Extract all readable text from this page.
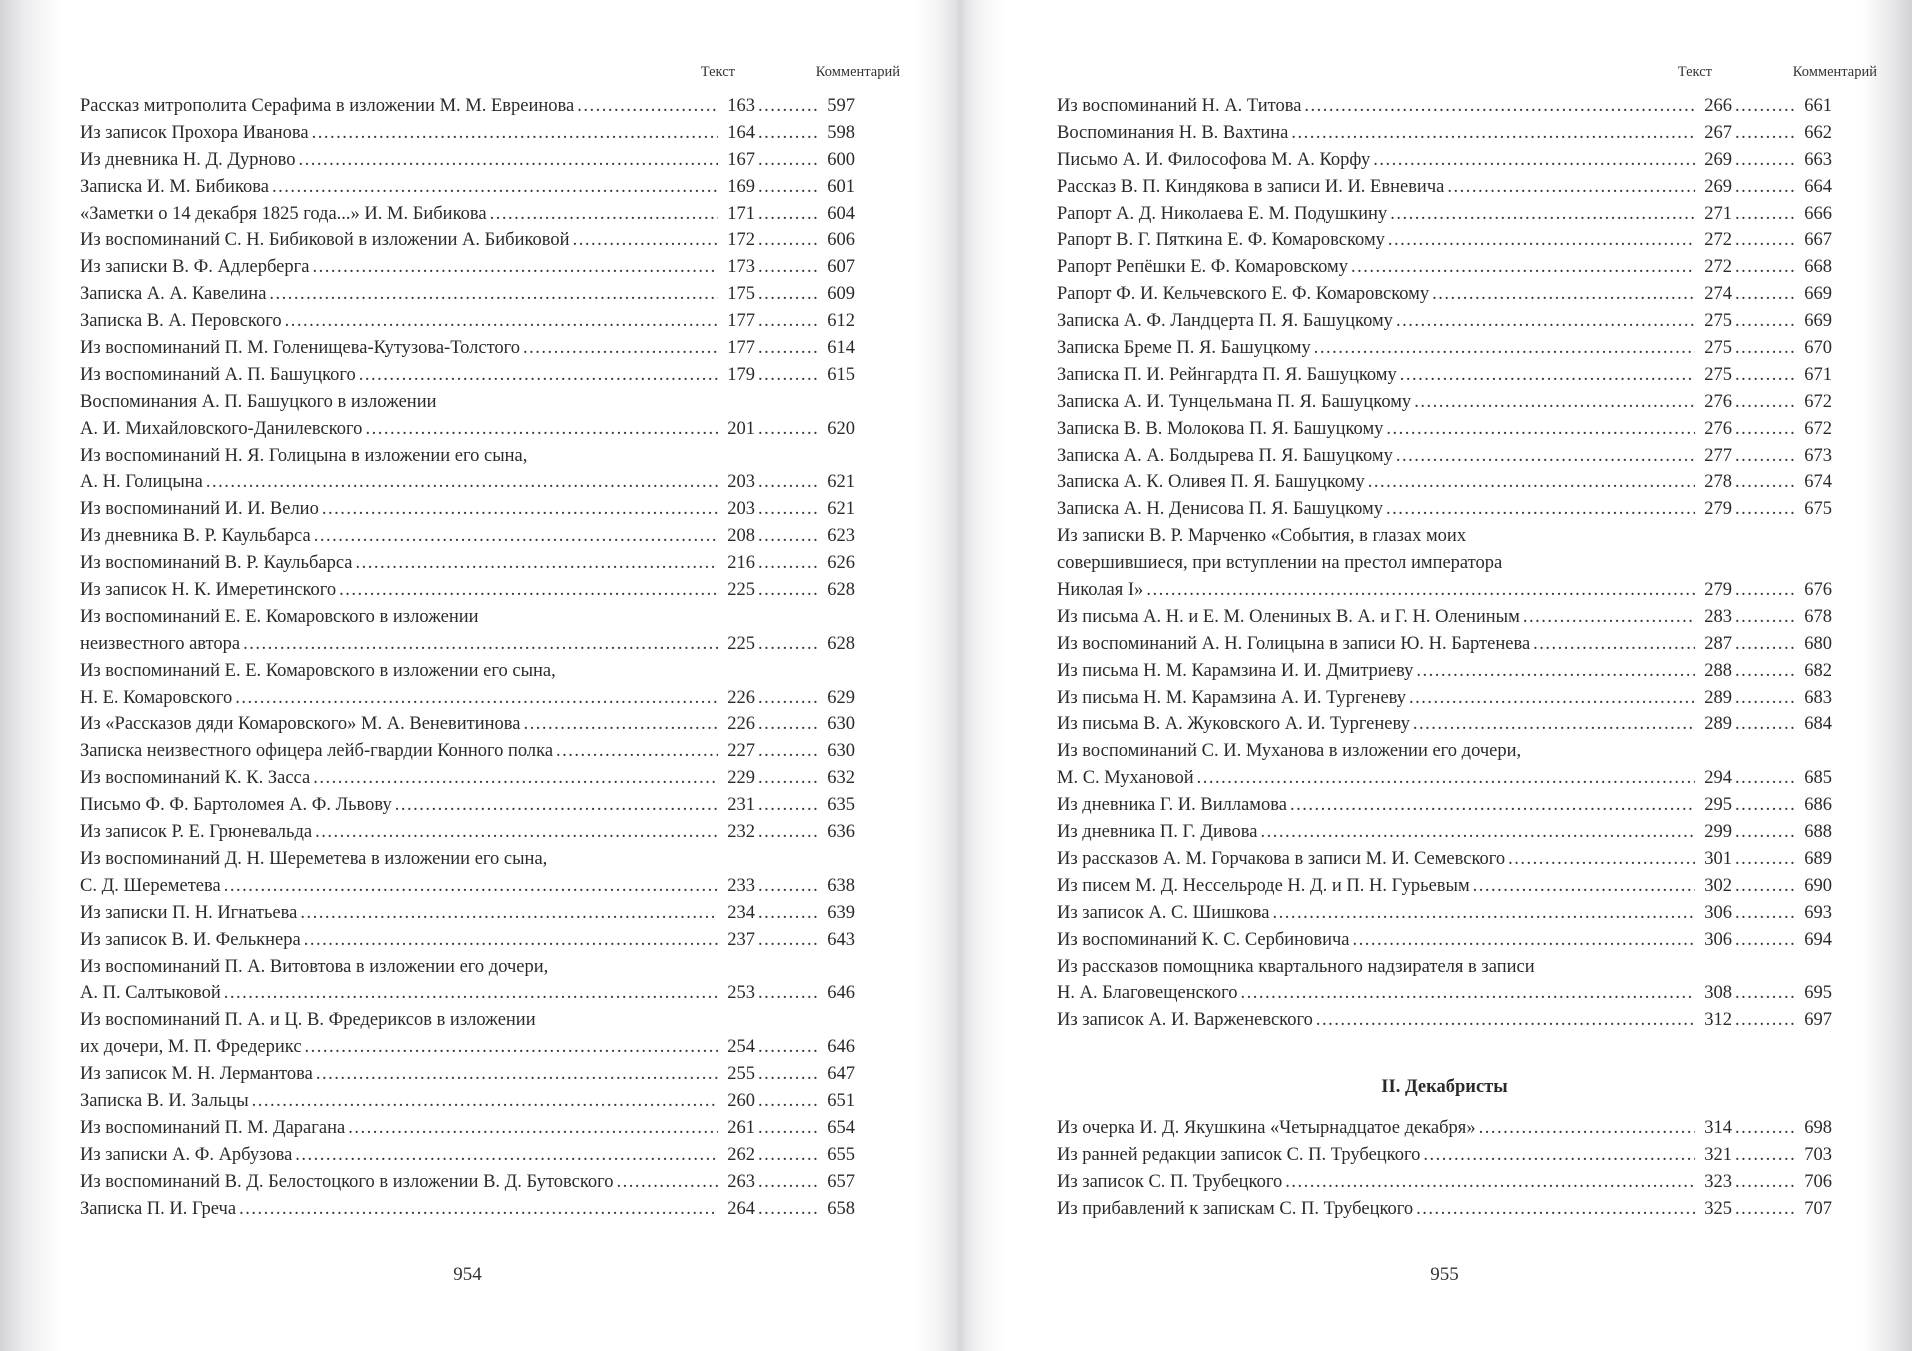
Текст	Комментарий
Рассказ митрополита Серафима в изложении М. М. Евреинова .....	163 .....	597
Из записок Прохора Иванова .....	164 .....	598
Из дневника Н. Д. Дурново .....	167 .....	600
Записка И. М. Бибикова .....	169 .....	601
«Заметки о 14 декабря 1825 года...» И. М. Бибикова .....	171 .....	604
Из воспоминаний С. Н. Бибиковой в изложении А. Бибиковой .....	172 .....	606
Из записки В. Ф. Адлерберга .....	173 .....	607
Записка А. А. Кавелина .....	175 .....	609
Записка В. А. Перовского .....	177 .....	612
Из воспоминаний П. М. Голенищева-Кутузова-Толстого .....	177 .....	614
Из воспоминаний А. П. Башуцкого .....	179 .....	615
Воспоминания А. П. Башуцкого в изложении
А. И. Михайловского-Данилевского .....	201 .....	620
Из воспоминаний Н. Я. Голицына в изложении его сына,
А. Н. Голицына .....	203 .....	621
Из воспоминаний И. И. Велио .....	203 .....	621
Из дневника В. Р. Каульбарса .....	208 .....	623
Из воспоминаний В. Р. Каульбарса .....	216 .....	626
Из записок Н. К. Имеретинского .....	225 .....	628
Из воспоминаний Е. Е. Комаровского в изложении
неизвестного автора .....	225 .....	628
Из воспоминаний Е. Е. Комаровского в изложении его сына,
Н. Е. Комаровского .....	226 .....	629
Из «Рассказов дяди Комаровского» М. А. Веневитинова .....	226 .....	630
Записка неизвестного офицера лейб-гвардии Конного полка .....	227 .....	630
Из воспоминаний К. К. Засса .....	229 .....	632
Письмо Ф. Ф. Бартоломея А. Ф. Львову .....	231 .....	635
Из записок Р. Е. Грюневальда .....	232 .....	636
Из воспоминаний Д. Н. Шереметева в изложении его сына,
С. Д. Шереметева .....	233 .....	638
Из записки П. Н. Игнатьева .....	234 .....	639
Из записок В. И. Фелькнера .....	237 .....	643
Из воспоминаний П. А. Витовтова в изложении его дочери,
А. П. Салтыковой .....	253 .....	646
Из воспоминаний П. А. и Ц. В. Фредериксов в изложении
их дочери, М. П. Фредерикс .....	254 .....	646
Из записок М. Н. Лермантова .....	255 .....	647
Записка В. И. Зальцы .....	260 .....	651
Из воспоминаний П. М. Дарагана .....	261 .....	654
Из записки А. Ф. Арбузова .....	262 .....	655
Из воспоминаний В. Д. Белостоцкого в изложении В. Д. Бутовского .....	263 .....	657
Записка П. И. Греча .....	264 .....	658
954
Текст	Комментарий
Из воспоминаний Н. А. Титова .....	266 .....	661
Воспоминания Н. В. Вахтина .....	267 .....	662
Письмо А. И. Философова М. А. Корфу .....	269 .....	663
Рассказ В. П. Киндякова в записи И. И. Евневича .....	269 .....	664
Рапорт А. Д. Николаева Е. М. Подушкину .....	271 .....	666
Рапорт В. Г. Пяткина Е. Ф. Комаровскому .....	272 .....	667
Рапорт Репёшки Е. Ф. Комаровскому .....	272 .....	668
Рапорт Ф. И. Кельчевского Е. Ф. Комаровскому .....	274 .....	669
Записка А. Ф. Ландцерта П. Я. Башуцкому .....	275 .....	669
Записка Бреме П. Я. Башуцкому .....	275 .....	670
Записка П. И. Рейнгардта П. Я. Башуцкому .....	275 .....	671
Записка А. И. Тунцельмана П. Я. Башуцкому .....	276 .....	672
Записка В. В. Молокова П. Я. Башуцкому .....	276 .....	672
Записка А. А. Болдырева П. Я. Башуцкому .....	277 .....	673
Записка А. К. Оливея П. Я. Башуцкому .....	278 .....	674
Записка А. Н. Денисова П. Я. Башуцкому .....	279 .....	675
Из записки В. Р. Марченко «События, в глазах моих
совершившиеся, при вступлении на престол императора
Николая I» .....	279 .....	676
Из письма А. Н. и Е. М. Олениных В. А. и Г. Н. Олениным .....	283 .....	678
Из воспоминаний А. Н. Голицына в записи Ю. Н. Бартенева .....	287 .....	680
Из письма Н. М. Карамзина И. И. Дмитриеву .....	288 .....	682
Из письма Н. М. Карамзина А. И. Тургеневу .....	289 .....	683
Из письма В. А. Жуковского А. И. Тургеневу .....	289 .....	684
Из воспоминаний С. И. Муханова в изложении его дочери,
М. С. Мухановой .....	294 .....	685
Из дневника Г. И. Вилламова .....	295 .....	686
Из дневника П. Г. Дивова .....	299 .....	688
Из рассказов А. М. Горчакова в записи М. И. Семевского .....	301 .....	689
Из писем М. Д. Нессельроде Н. Д. и П. Н. Гурьевым .....	302 .....	690
Из записок А. С. Шишкова .....	306 .....	693
Из воспоминаний К. С. Сербиновича .....	306 .....	694
Из рассказов помощника квартального надзирателя в записи
Н. А. Благовещенского .....	308 .....	695
Из записок А. И. Варженевского .....	312 .....	697
II. Декабристы
Из очерка И. Д. Якушкина «Четырнадцатое декабря» .....	314 .....	698
Из ранней редакции записок С. П. Трубецкого .....	321 .....	703
Из записок С. П. Трубецкого .....	323 .....	706
Из прибавлений к запискам С. П. Трубецкого .....	325 .....	707
955
